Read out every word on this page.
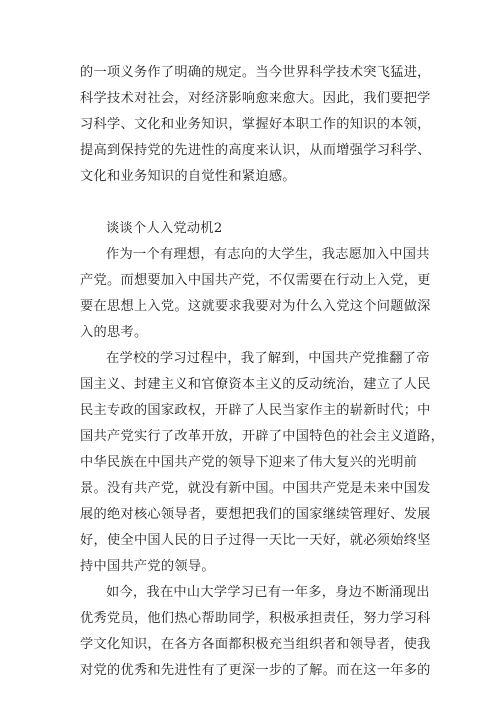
的一项义务作了明确的规定。当今世界科学技术突飞猛进，
科学技术对社会，对经济影响愈来愈大。因此，我们要把学
习科学、文化和业务知识，掌握好本职工作的知识的本领，
提高到保持党的先进性的高度来认识，从而增强学习科学、
文化和业务知识的自觉性和紧迫感。
谈谈个人入党动机2
作为一个有理想，有志向的大学生，我志愿加入中国共
产党。而想要加入中国共产党，不仅需要在行动上入党，更
要在思想上入党。这就要求我要对为什么入党这个问题做深
入的思考。
在学校的学习过程中，我了解到，中国共产党推翻了帝
国主义、封建主义和官僚资本主义的反动统治，建立了人民
民主专政的国家政权，开辟了人民当家作主的崭新时代；中
国共产党实行了改革开放，开辟了中国特色的社会主义道路，
中华民族在中国共产党的领导下迎来了伟大复兴的光明前
景。没有共产党，就没有新中国。中国共产党是未来中国发
展的绝对核心领导者，要想把我们的国家继续管理好、发展
好，使全中国人民的日子过得一天比一天好，就必须始终坚
持中国共产党的领导。
如今，我在中山大学学习已有一年多，身边不断涌现出
优秀党员，他们热心帮助同学，积极承担责任，努力学习科
学文化知识，在各方各面都积极充当组织者和领导者，使我
对党的优秀和先进性有了更深一步的了解。而在这一年多的
